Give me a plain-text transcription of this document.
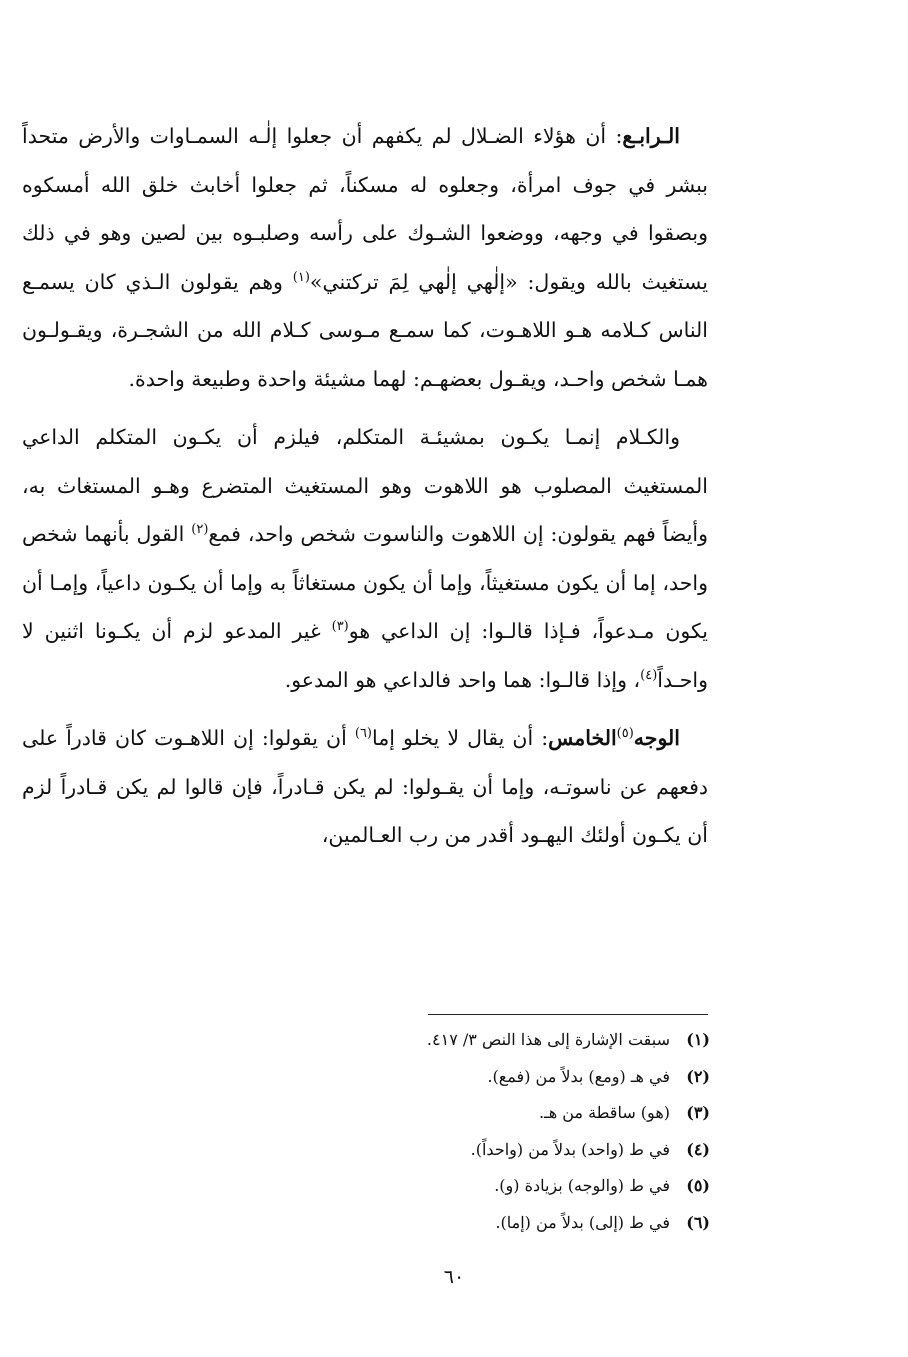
الـرابـع: أن هؤلاء الضـلال لم يكفهم أن جعلوا إلٰـه السمـاوات والأرض متحداً ببشر في جوف امرأة، وجعلوه له مسكناً، ثم جعلوا أخابث خلق الله أمسكوه وبصقوا في وجهه، ووضعوا الشـوك على رأسه وصلبـوه بين لصين وهو في ذلك يستغيث بالله ويقول: «إلٰهي إلٰهي لِمَ تركتني»$^{(١)}$ وهم يقولون الـذي كان يسمـع الناس كـلامه هـو اللاهـوت، كما سمـع مـوسى كـلام الله من الشجـرة، ويقـولـون همـا شخص واحـد، ويقـول بعضهـم: لهما مشيئة واحدة وطبيعة واحدة.

والكـلام إنمـا يكـون بمشيئـة المتكلم، فيلزم أن يكـون المتكلم الداعي المستغيث المصلوب هو اللاهوت وهو المستغيث المتضرع وهـو المستغاث به، وأيضاً فهم يقولون: إن اللاهوت والناسوت شخص واحد، فمع$^{(٢)}$ القول بأنهما شخص واحد، إما أن يكون مستغيثاً، وإما أن يكون مستغاثاً به وإما أن يكـون داعياً، وإمـا أن يكون مـدعواً، فـإذا قالـوا: إن الداعي هو$^{(٣)}$ غير المدعو لزم أن يكـونا اثنين لا واحـداً$^{(٤)}$، وإذا قالـوا: هما واحد فالداعي هو المدعو.

الوجه$^{(٥)}$الخامس: أن يقال لا يخلو إما$^{(٦)}$ أن يقولوا: إن اللاهـوت كان قادراً على دفعهم عن ناسوتـه، وإما أن يقـولوا: لم يكن قـادراً، فإن قالوا لم يكن قـادراً لزم أن يكـون أولئك اليهـود أقدر من رب العـالمين،

(١)سبقت الإشارة إلى هذا النص ٣/ ٤١٧.
(٢)في هـ (ومع) بدلاً من (فمع).
(٣)(هو) ساقطة من هـ.
(٤)في ط (واحد) بدلاً من (واحداً).
(٥)في ط (والوجه) بزيادة (و).
(٦)في ط (إلى) بدلاً من (إما).
٦٠
